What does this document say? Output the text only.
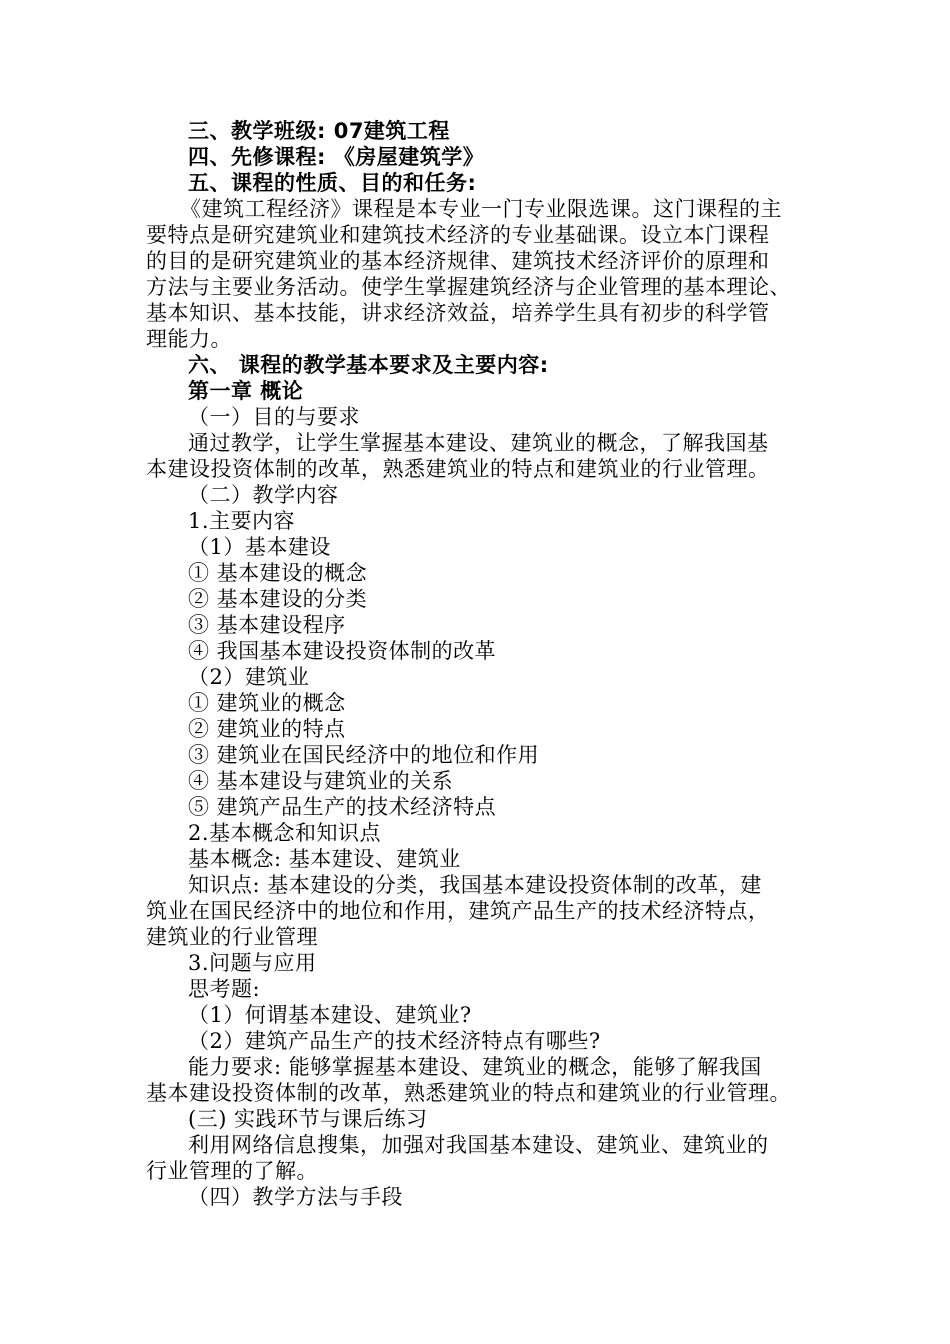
三、教学班级: 07建筑工程
四、先修课程: 《房屋建筑学》
五、课程的性质、目的和任务:
《建筑工程经济》课程是本专业一门专业限选课。这门课程的主
要特点是研究建筑业和建筑技术经济的专业基础课。设立本门课程
的目的是研究建筑业的基本经济规律、建筑技术经济评价的原理和
方法与主要业务活动。使学生掌握建筑经济与企业管理的基本理论、
基本知识、基本技能，讲求经济效益，培养学生具有初步的科学管
理能力。
六、 课程的教学基本要求及主要内容:
第一章 概论
（一）目的与要求
通过教学，让学生掌握基本建设、建筑业的概念，了解我国基
本建设投资体制的改革，熟悉建筑业的特点和建筑业的行业管理。
（二）教学内容
1.主要内容
（1）基本建设
① 基本建设的概念
② 基本建设的分类
③ 基本建设程序
④ 我国基本建设投资体制的改革
（2）建筑业
① 建筑业的概念
② 建筑业的特点
③ 建筑业在国民经济中的地位和作用
④ 基本建设与建筑业的关系
⑤ 建筑产品生产的技术经济特点
2.基本概念和知识点
基本概念: 基本建设、建筑业
知识点: 基本建设的分类，我国基本建设投资体制的改革，建
筑业在国民经济中的地位和作用，建筑产品生产的技术经济特点，
建筑业的行业管理
3.问题与应用
思考题:
（1）何谓基本建设、建筑业?
（2）建筑产品生产的技术经济特点有哪些?
能力要求: 能够掌握基本建设、建筑业的概念，能够了解我国
基本建设投资体制的改革，熟悉建筑业的特点和建筑业的行业管理。
(三) 实践环节与课后练习
利用网络信息搜集，加强对我国基本建设、建筑业、建筑业的
行业管理的了解。
（四）教学方法与手段
